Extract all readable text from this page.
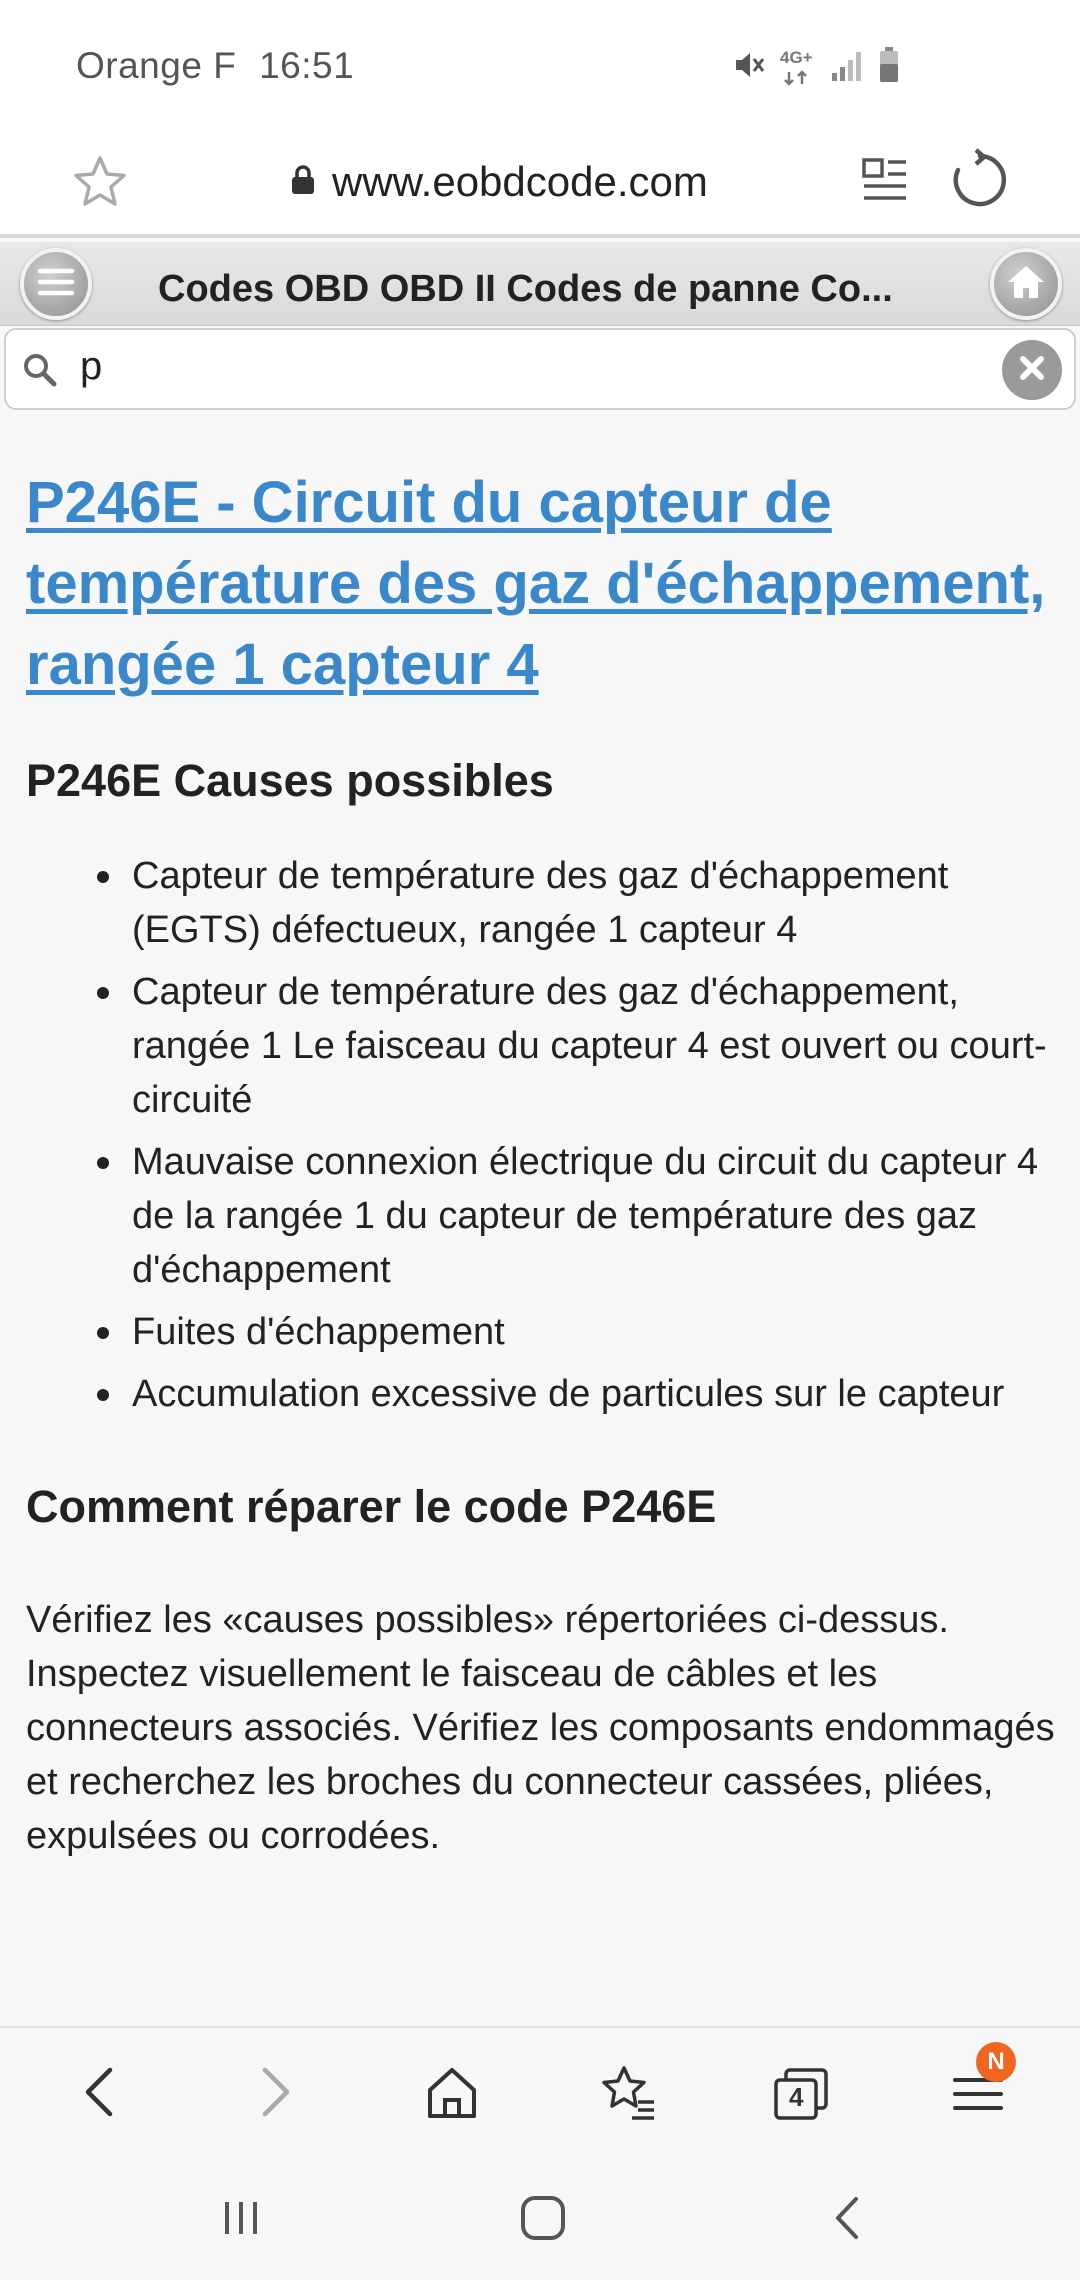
Orange F 16:51	4G+
www.eobdcode.com
Codes OBD OBD II Codes de panne Co...
p
P246E - Circuit du capteur de température des gaz d'échappement, rangée 1 capteur 4
P246E Causes possibles
Capteur de température des gaz d'échappement (EGTS) défectueux, rangée 1 capteur 4
Capteur de température des gaz d'échappement, rangée 1 Le faisceau du capteur 4 est ouvert ou court-circuité
Mauvaise connexion électrique du circuit du capteur 4 de la rangée 1 du capteur de température des gaz d'échappement
Fuites d'échappement
Accumulation excessive de particules sur le capteur
Comment réparer le code P246E

Vérifiez les «causes possibles» répertoriées ci-dessus. Inspectez visuellement le faisceau de câbles et les connecteurs associés. Vérifiez les composants endommagés et recherchez les broches du connecteur cassées, pliées, expulsées ou corrodées.

4
N
